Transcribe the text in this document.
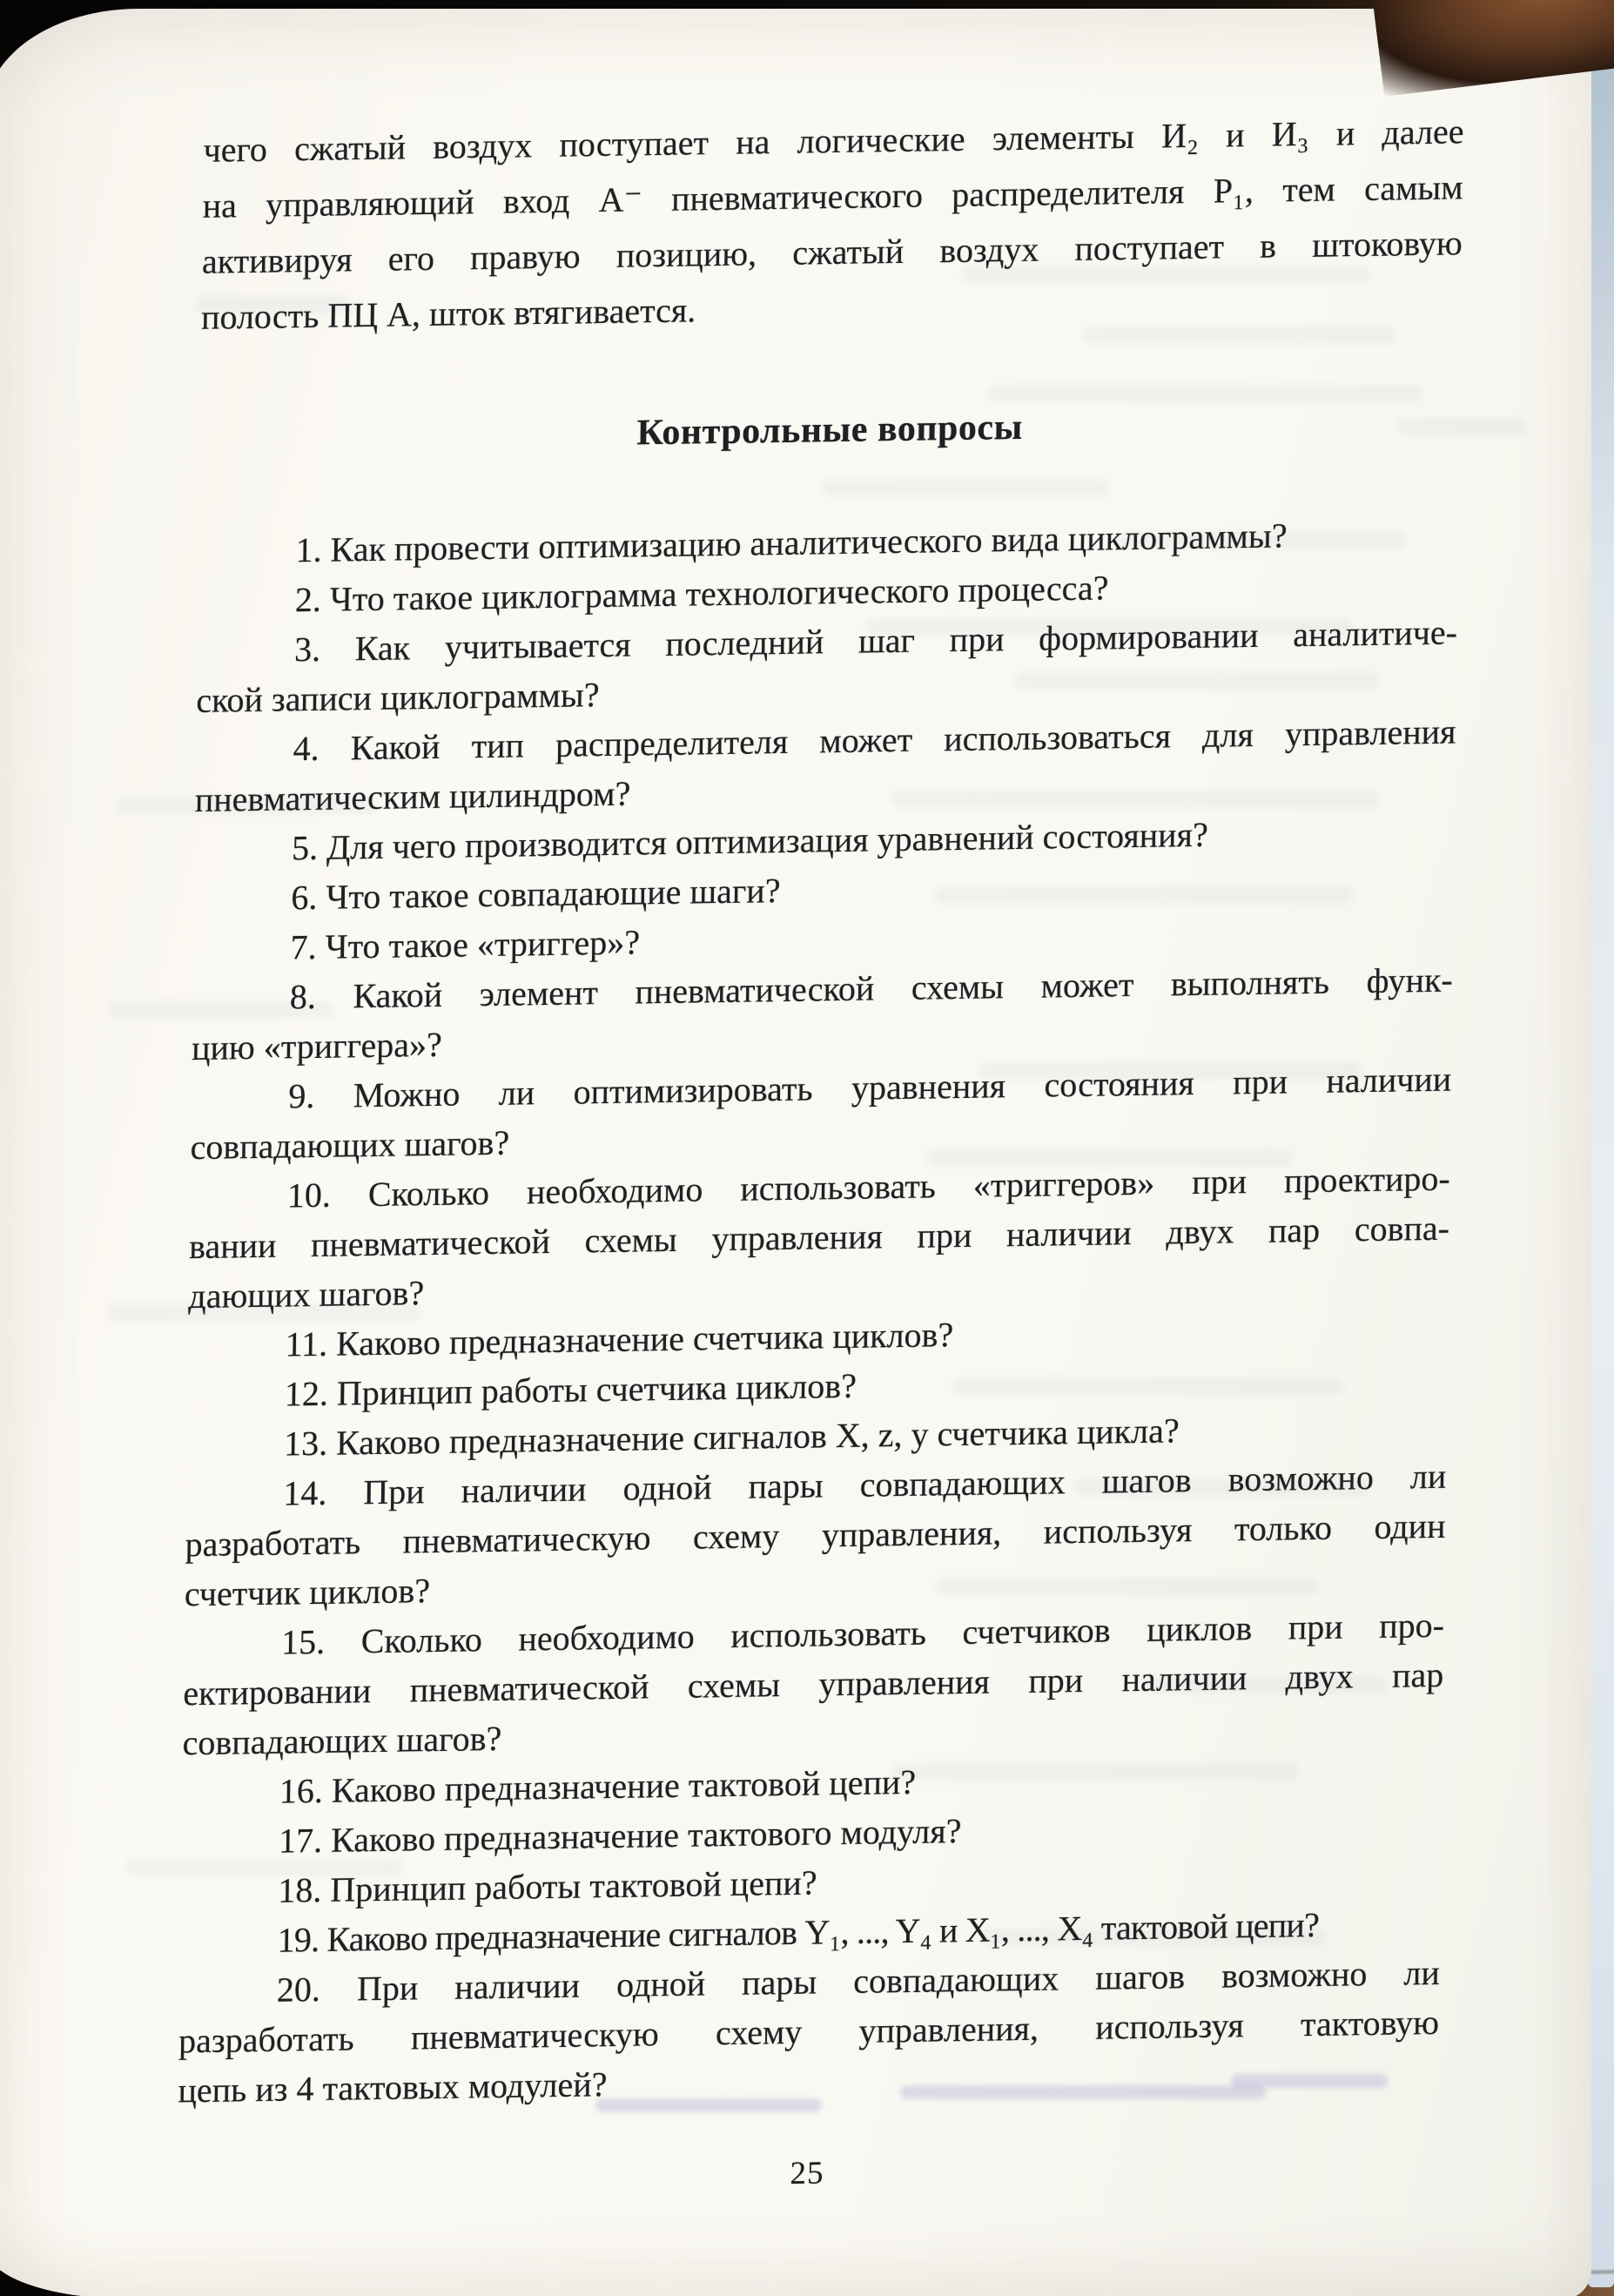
чего сжатый воздух поступает на логические элементы И₂ и И₃ и далее
на управляющий вход А⁻ пневматического распределителя Р₁, тем самым
активируя его правую позицию, сжатый воздух поступает в штоковую
полость ПЦ А, шток втягивается.
Контрольные вопросы
1. Как провести оптимизацию аналитического вида циклограммы?
2. Что такое циклограмма технологического процесса?
3. Как учитывается последний шаг при формировании аналитиче-
ской записи циклограммы?
4. Какой тип распределителя может использоваться для управления
пневматическим цилиндром?
5. Для чего производится оптимизация уравнений состояния?
6. Что такое совпадающие шаги?
7. Что такое «триггер»?
8. Какой элемент пневматической схемы может выполнять функ-
цию «триггера»?
9. Можно ли оптимизировать уравнения состояния при наличии
совпадающих шагов?
10. Сколько необходимо использовать «триггеров» при проектиро-
вании пневматической схемы управления при наличии двух пар совпа-
дающих шагов?
11. Каково предназначение счетчика циклов?
12. Принцип работы счетчика циклов?
13. Каково предназначение сигналов X, z, y счетчика цикла?
14. При наличии одной пары совпадающих шагов возможно ли
разработать пневматическую схему управления, используя только один
счетчик циклов?
15. Сколько необходимо использовать счетчиков циклов при про-
ектировании пневматической схемы управления при наличии двух пар
совпадающих шагов?
16. Каково предназначение тактовой цепи?
17. Каково предназначение тактового модуля?
18. Принцип работы тактовой цепи?
19. Каково предназначение сигналов Y₁, ..., Y₄ и X₁, ..., X₄ тактовой цепи?
20. При наличии одной пары совпадающих шагов возможно ли
разработать пневматическую схему управления, используя тактовую
цепь из 4 тактовых модулей?
25
